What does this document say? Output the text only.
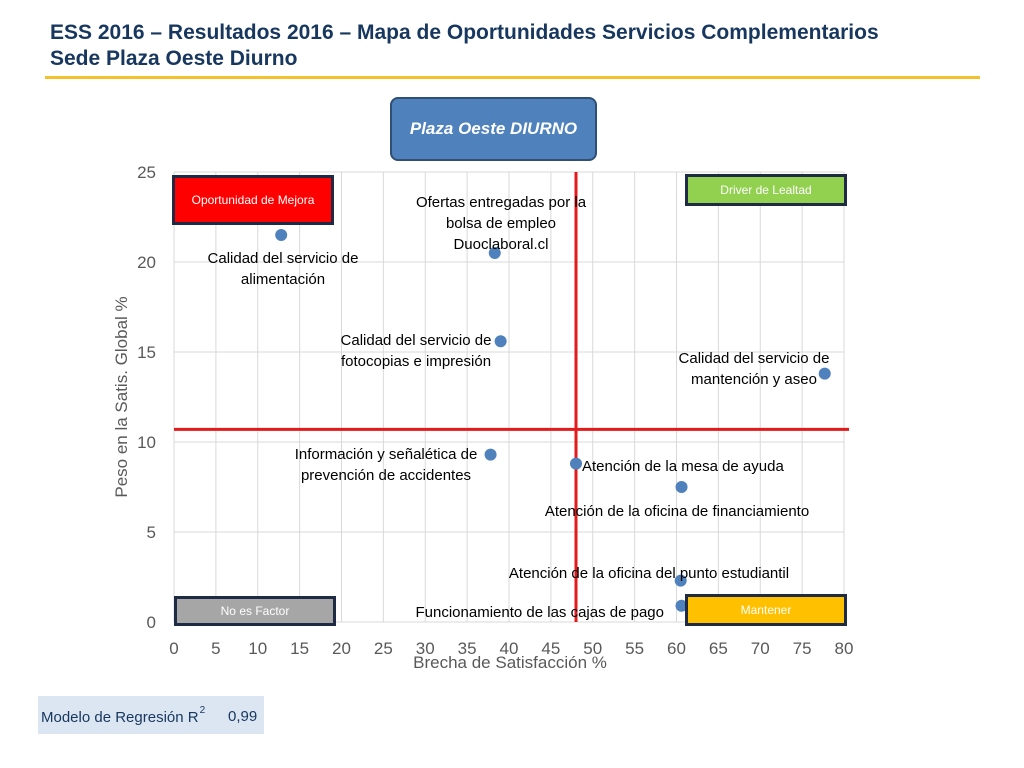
ESS 2016 – Resultados 2016 – Mapa de Oportunidades Servicios Complementarios
Sede Plaza Oeste Diurno
Calidad del servicio de alimentación
Ofertas entregadas por la bolsa de empleo Duoclaboral.cl
Calidad del servicio de fotocopias e impresión	Calidad del servicio de mantención y aseo
Información y señalética de prevención de accidentes
Atención de la mesa de ayuda
Atención de la oficina de financiamiento
Atención de la oficina del punto estudiantil
Funcionamiento de las cajas de pago
0 5 10 15 20 25 30 35 40 45 50 55 60 65 70 75 80
0
5
10
15
20
25
Brecha de Satisfacción %
Peso en la Satis. Global %
Plaza Oeste DIURNO
Oportunidad de Mejora
Driver de Lealtad
No es Factor	Mantener
Modelo de Regresión $R^2$ 0,99
